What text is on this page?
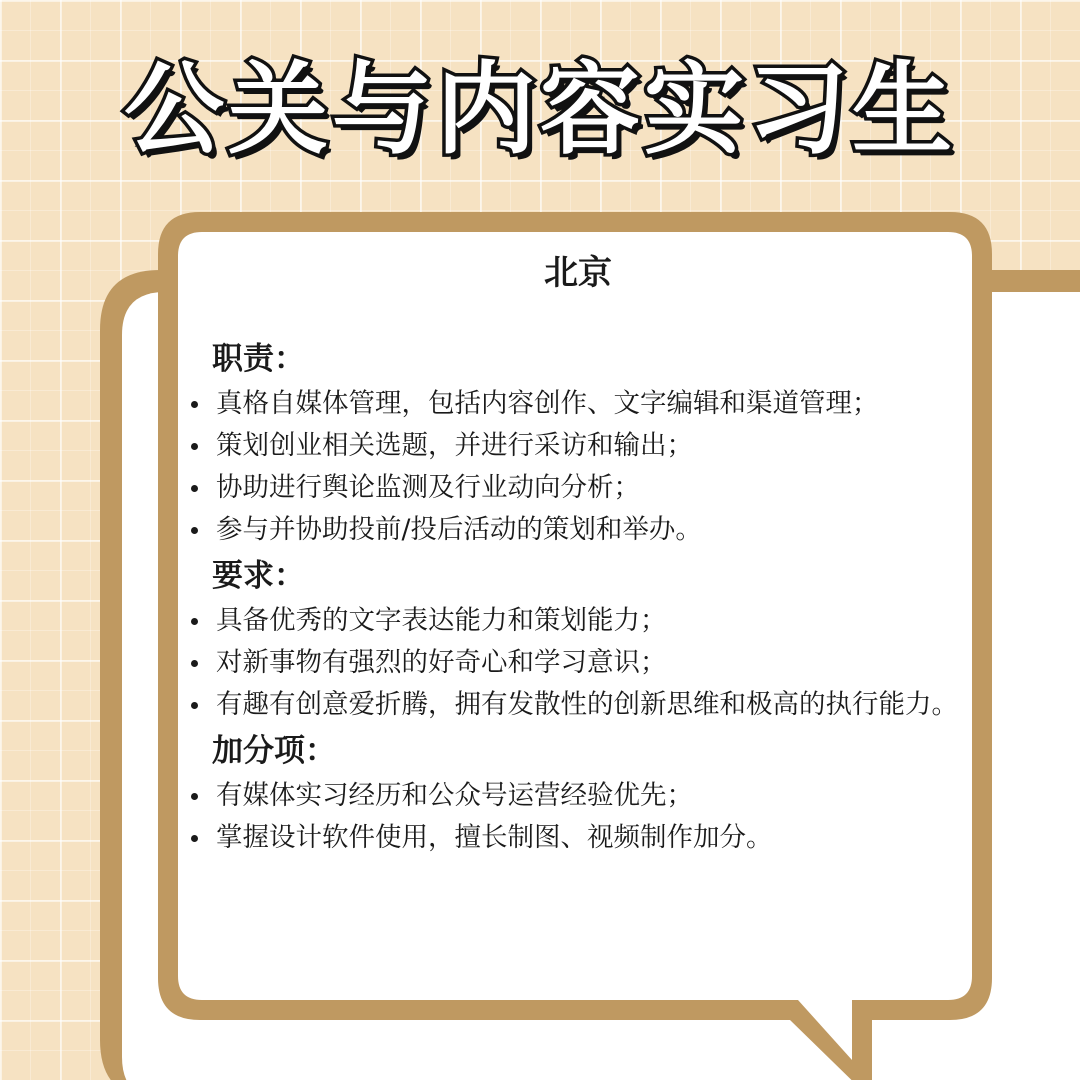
公关与内容实习生
北京
职责：
真格自媒体管理，包括内容创作、文字编辑和渠道管理；
策划创业相关选题，并进行采访和输出；
协助进行舆论监测及行业动向分析；
参与并协助投前/投后活动的策划和举办。
要求：
具备优秀的文字表达能力和策划能力；
对新事物有强烈的好奇心和学习意识；
有趣有创意爱折腾，拥有发散性的创新思维和极高的执行能力。
加分项：
有媒体实习经历和公众号运营经验优先；
掌握设计软件使用，擅长制图、视频制作加分。
